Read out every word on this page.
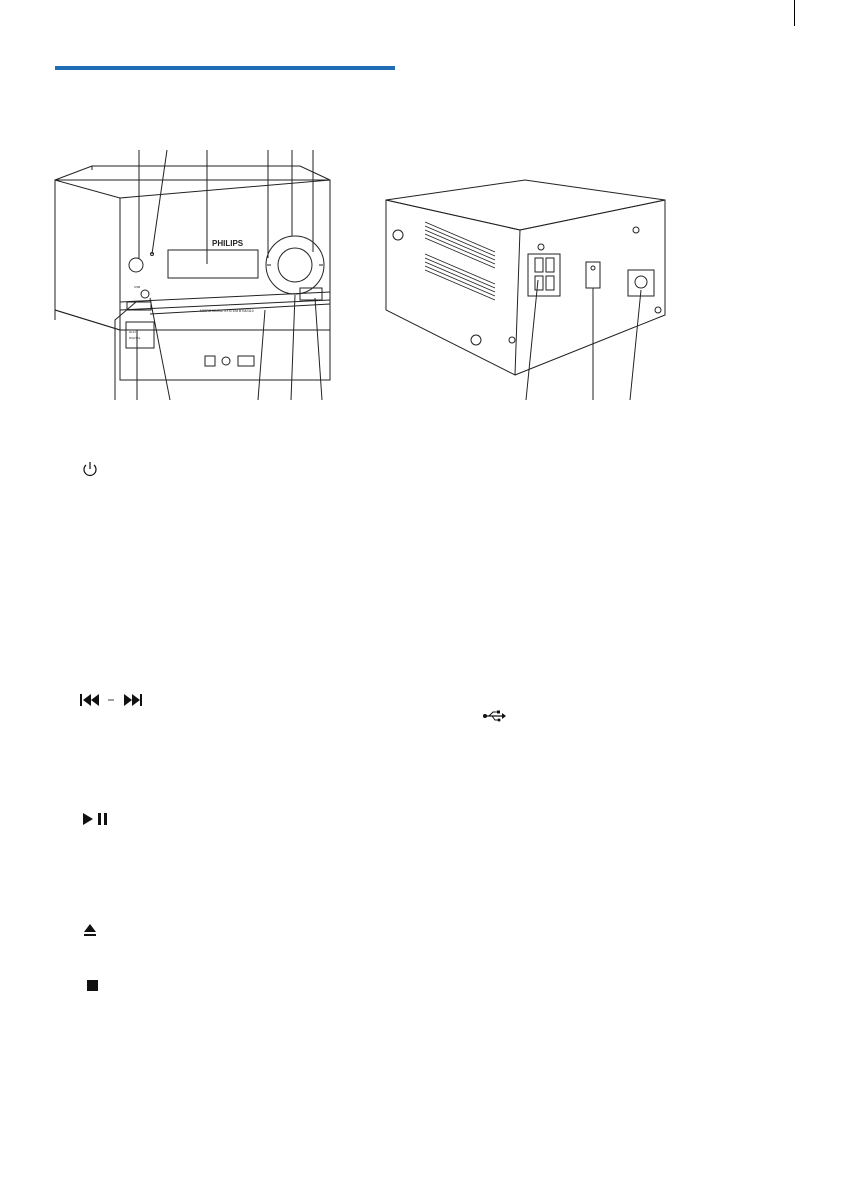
PHILIPS
MICRO MUSIC SYSTEM BTM2310
USB
HI-FI
DIGITAL
